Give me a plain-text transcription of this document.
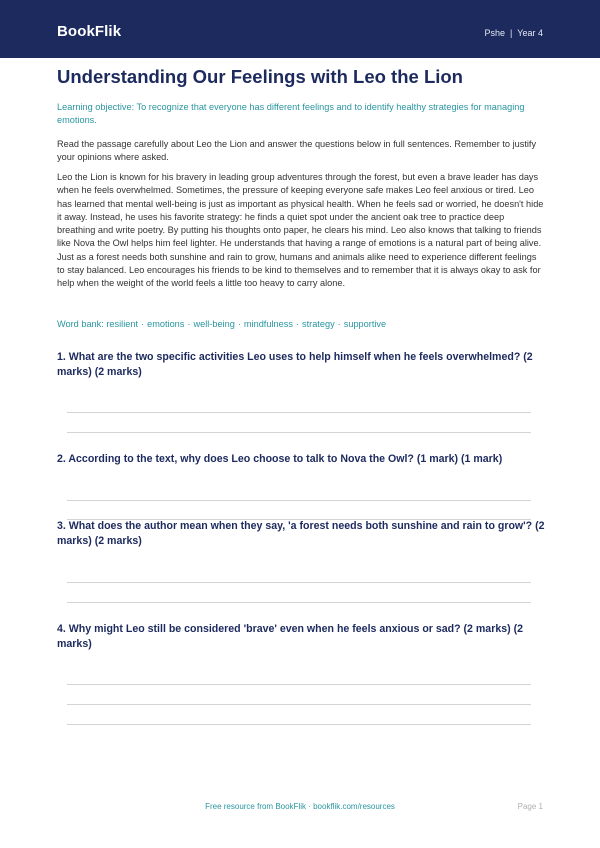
BookFlik	Pshe | Year 4
Understanding Our Feelings with Leo the Lion

Learning objective: To recognize that everyone has different feelings and to identify healthy strategies for managing emotions.

Read the passage carefully about Leo the Lion and answer the questions below in full sentences. Remember to justify your opinions where asked.

Leo the Lion is known for his bravery in leading group adventures through the forest, but even a brave leader has days when he feels overwhelmed. Sometimes, the pressure of keeping everyone safe makes Leo feel anxious or tired. Leo has learned that mental well-being is just as important as physical health. When he feels sad or worried, he doesn't hide it away. Instead, he uses his favorite strategy: he finds a quiet spot under the ancient oak tree to practice deep breathing and write poetry. By putting his thoughts onto paper, he clears his mind. Leo also knows that talking to friends like Nova the Owl helps him feel lighter. He understands that having a range of emotions is a natural part of being alive. Just as a forest needs both sunshine and rain to grow, humans and animals alike need to experience different feelings to stay balanced. Leo encourages his friends to be kind to themselves and to remember that it is always okay to ask for help when the weight of the world feels a little too heavy to carry alone.

Word bank: resilient · emotions · well-being · mindfulness · strategy · supportive

1. What are the two specific activities Leo uses to help himself when he feels overwhelmed? (2 marks) (2 marks)

2. According to the text, why does Leo choose to talk to Nova the Owl? (1 mark) (1 mark)

3. What does the author mean when they say, 'a forest needs both sunshine and rain to grow'? (2 marks) (2 marks)

4. Why might Leo still be considered 'brave' even when he feels anxious or sad? (2 marks) (2 marks)

Free resource from BookFlik · bookflik.com/resources	Page 1
